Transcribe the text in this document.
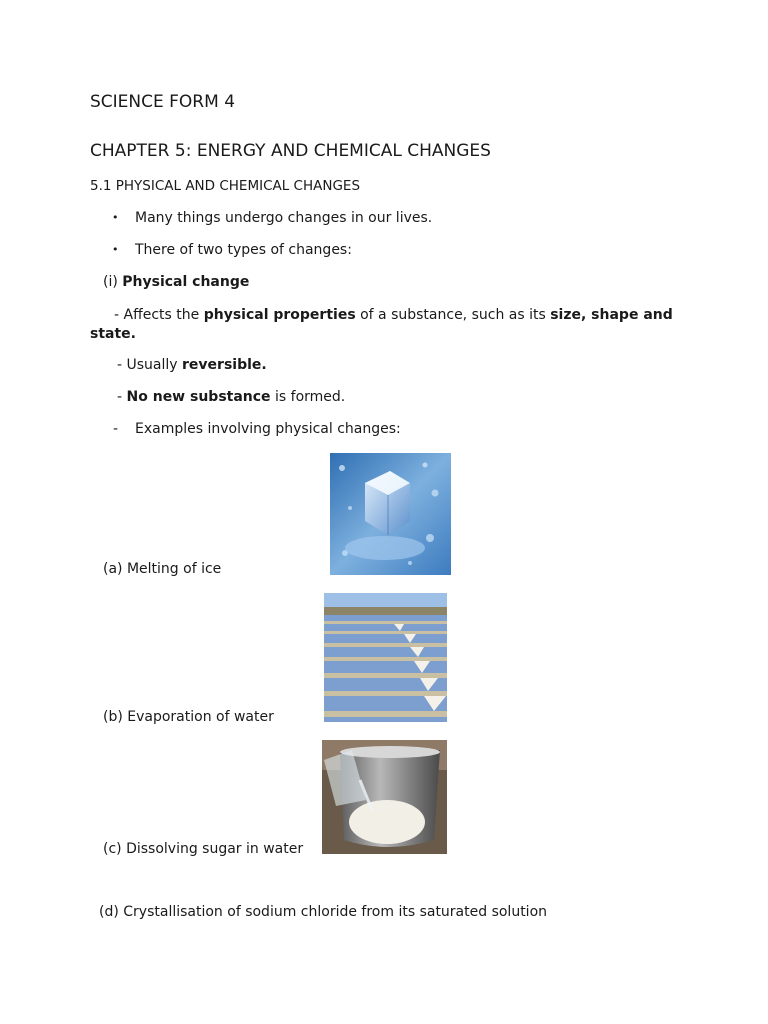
SCIENCE FORM 4
CHAPTER 5: ENERGY AND CHEMICAL CHANGES
5.1 PHYSICAL AND CHEMICAL CHANGES
• Many things undergo changes in our lives.
• There of two types of changes:
(i) Physical change
- Affects the physical properties of a substance, such as its size, shape and state.
- Usually reversible.
- No new substance is formed.
- Examples involving physical changes:
(a) Melting of ice
(b) Evaporation of water
(c) Dissolving sugar in water
(d) Crystallisation of sodium chloride from its saturated solution
